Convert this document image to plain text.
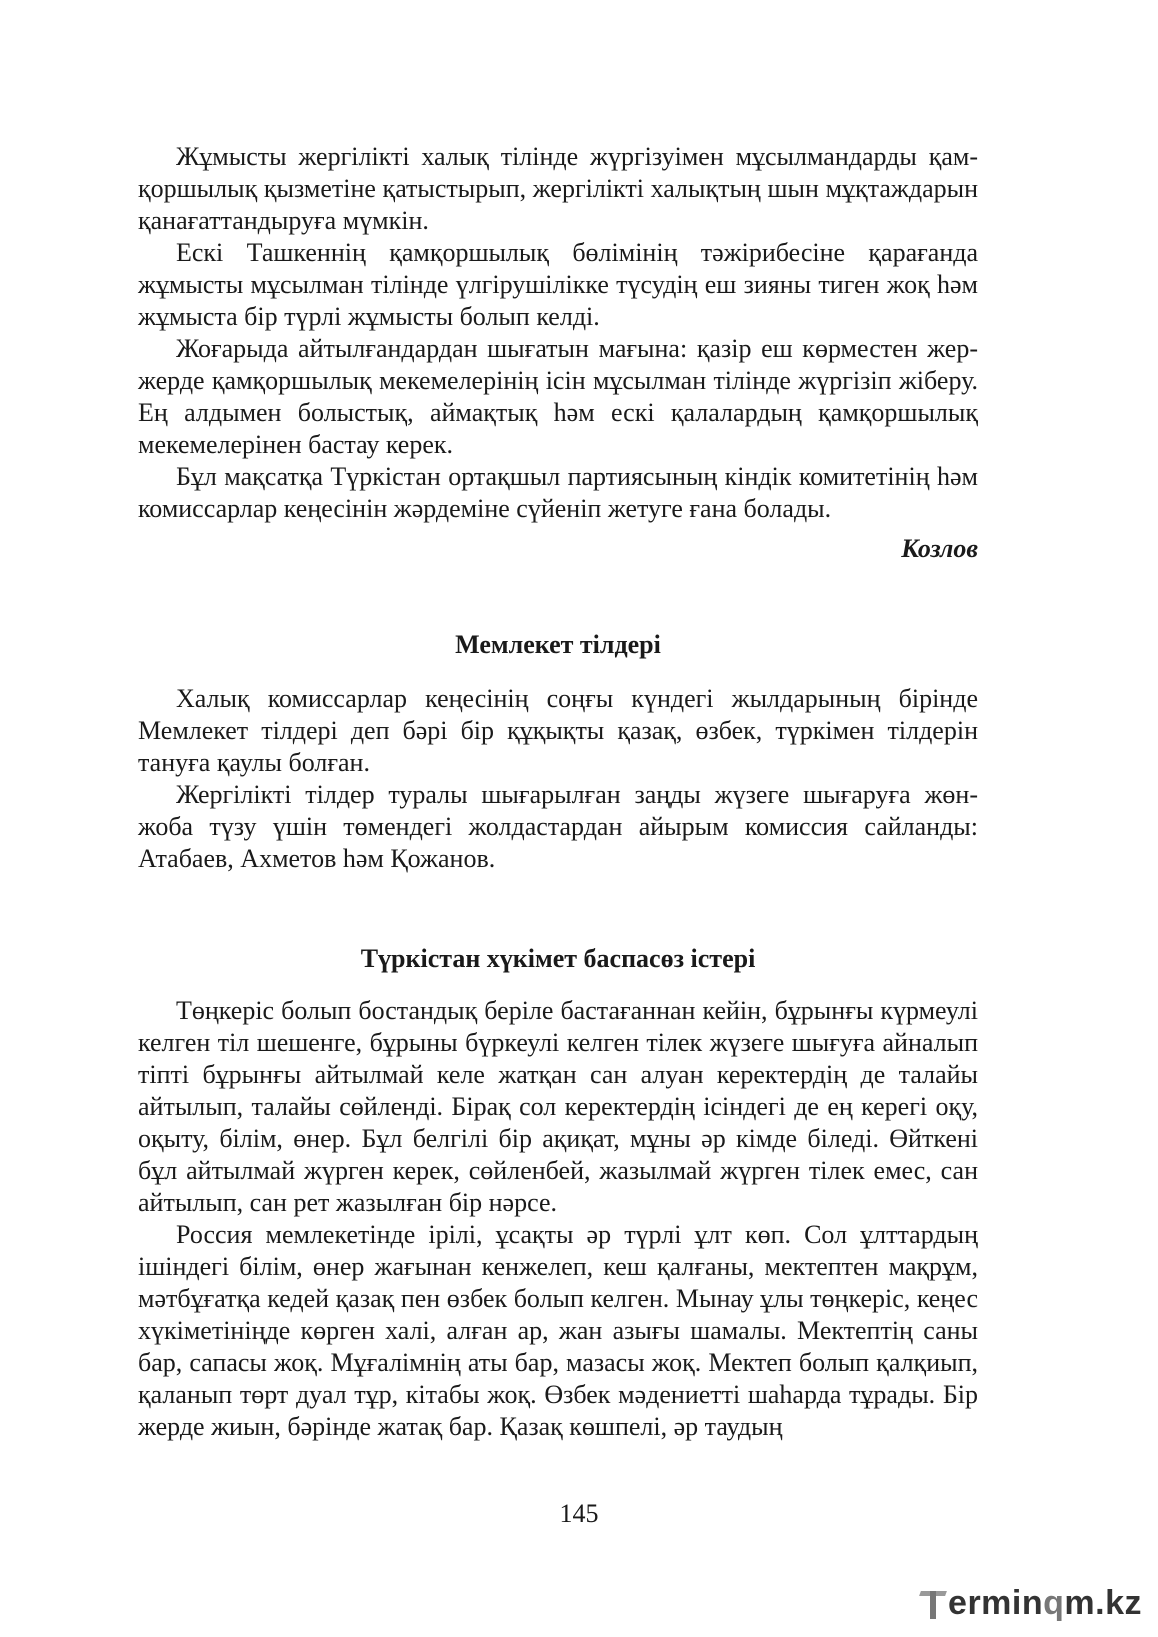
Жұмысты жергілікті халық тілінде жүргізуімен мұсылмандарды қамқоршылық қызметіне қатыстырып, жергілікті халықтың шын мұқтаждарын қанағаттандыруға мүмкін.

Ескі Ташкеннің қамқоршылық бөлімінің тәжірибесіне қарағанда жұмысты мұсылман тілінде үлгірушілікке түсудің еш зияны тиген жоқ һәм жұмыста бір түрлі жұмысты болып келді.

Жоғарыда айтылғандардан шығатын мағына: қазір еш көрместен жер-жерде қамқоршылық мекемелерінің ісін мұсылман тілінде жүргізіп жіберу. Ең алдымен болыстық, аймақтық һәм ескі қалалардың қамқоршылық мекемелерінен бастау керек.

Бұл мақсатқа Түркістан ортақшыл партиясының кіндік комитетінің һәм комиссарлар кеңесінін жәрдеміне сүйеніп жетуге ғана болады.

Козлов

Мемлекет тілдері

Халық комиссарлар кеңесінің соңғы күндегі жылдарының бірінде Мемлекет тілдері деп бәрі бір құқықты қазақ, өзбек, түркімен тілдерін тануға қаулы болған.

Жергілікті тілдер туралы шығарылған заңды жүзеге шығаруға жөн-жоба түзу үшін төмендегі жолдастардан айырым комиссия сайланды: Атабаев, Ахметов һәм Қожанов.

Түркістан хүкімет баспасөз істері

Төңкеріс болып бостандық беріле бастағаннан кейін, бұрынғы күрмеулі келген тіл шешенге, бұрыны бүркеулі келген тілек жүзеге шығуға айналып тіпті бұрынғы айтылмай келе жатқан сан алуан керектердің де талайы айтылып, талайы сөйленді. Бірақ сол керектердің ісіндегі де ең керегі оқу, оқыту, білім, өнер. Бұл белгілі бір ақиқат, мұны әр кімде біледі. Өйткені бұл айтылмай жүрген керек, сөйленбей, жазылмай жүрген тілек емес, сан айтылып, сан рет жазылған бір нәрсе.

Россия мемлекетінде ірілі, ұсақты әр түрлі ұлт көп. Сол ұлттардың ішіндегі білім, өнер жағынан кенжелеп, кеш қалғаны, мектептен мақрұм, мәтбұғатқа кедей қазақ пен өзбек болып келген. Мынау ұлы төңкеріс, кеңес хүкіметініңде көрген халі, алған ар, жан азығы шамалы. Мектептің саны бар, сапасы жоқ. Мұғалімнің аты бар, мазасы жоқ. Мектеп болып қалқиып, қаланып төрт дуал тұр, кітабы жоқ. Өзбек мәдениетті шаһарда тұрады. Бір жерде жиын, бәрінде жатақ бар. Қазақ көшпелі, әр таудың

145
ermin q m.kz
